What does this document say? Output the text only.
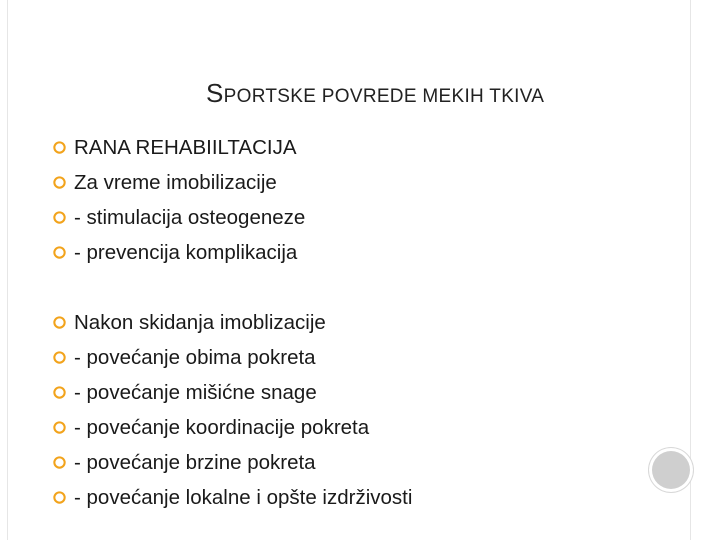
SPORTSKE POVREDE MEKIH TKIVA
RANA REHABIILTACIJA
Za vreme imobilizacije
- stimulacija osteogeneze
- prevencija komplikacija
Nakon skidanja imoblizacije
- povećanje obima pokreta
- povećanje mišićne snage
- povećanje koordinacije pokreta
- povećanje brzine pokreta
- povećanje lokalne i opšte izdrživosti
